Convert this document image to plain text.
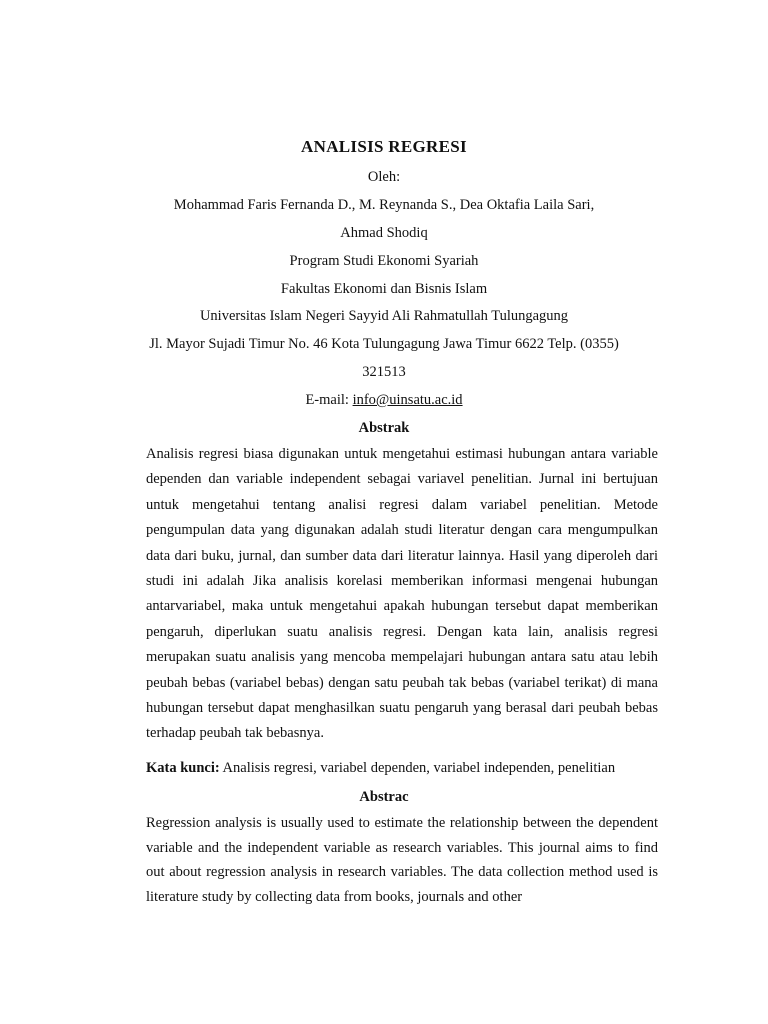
ANALISIS REGRESI
Oleh:
Mohammad Faris Fernanda D., M. Reynanda S., Dea Oktafia Laila Sari,
Ahmad Shodiq
Program Studi Ekonomi Syariah
Fakultas Ekonomi dan Bisnis Islam
Universitas Islam Negeri Sayyid Ali Rahmatullah Tulungagung
Jl. Mayor Sujadi Timur No. 46 Kota Tulungagung Jawa Timur 6622 Telp. (0355)
321513
E-mail: info@uinsatu.ac.id
Abstrak
Analisis regresi biasa digunakan untuk mengetahui estimasi hubungan antara variable dependen dan variable independent sebagai variavel penelitian. Jurnal ini bertujuan untuk mengetahui tentang analisi regresi dalam variabel penelitian. Metode pengumpulan data yang digunakan adalah studi literatur dengan cara mengumpulkan data dari buku, jurnal, dan sumber data dari literatur lainnya. Hasil yang diperoleh dari studi ini adalah Jika analisis korelasi memberikan informasi mengenai hubungan antarvariabel, maka untuk mengetahui apakah hubungan tersebut dapat memberikan pengaruh, diperlukan suatu analisis regresi. Dengan kata lain, analisis regresi merupakan suatu analisis yang mencoba mempelajari hubungan antara satu atau lebih peubah bebas (variabel bebas) dengan satu peubah tak bebas (variabel terikat) di mana hubungan tersebut dapat menghasilkan suatu pengaruh yang berasal dari peubah bebas terhadap peubah tak bebasnya.
Kata kunci: Analisis regresi, variabel dependen, variabel independen, penelitian
Abstrac
Regression analysis is usually used to estimate the relationship between the dependent variable and the independent variable as research variables. This journal aims to find out about regression analysis in research variables. The data collection method used is literature study by collecting data from books, journals and other
